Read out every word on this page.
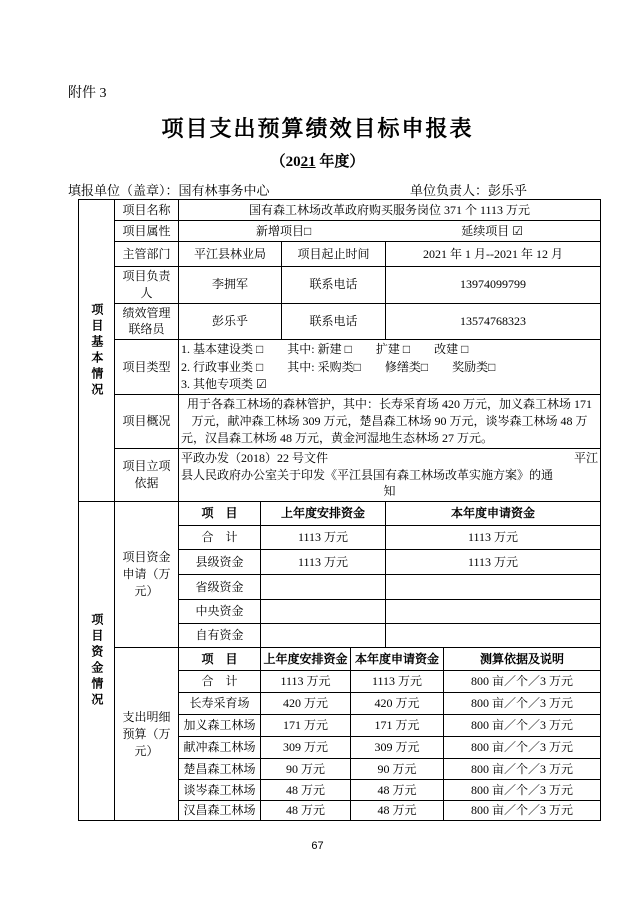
附件 3
项目支出预算绩效目标申报表
（2021 年度）
填报单位（盖章）：国有林事务中心	单位负责人：彭乐乎
项目基本情况	项目名称	国有森工林场改革政府购买服务岗位 371 个 1113 万元					
	项目属性	新增项目□ 延续项目 ☑					

	主管部门	平江县林业局		项目起止时间		2021 年 1 月--2021 年 12 月	
	项目负责人	李拥军		联系电话		13974099799	
	绩效管理联络员	彭乐乎		联系电话		13574768323	
	项目类型	1. 基本建设类 □　　其中: 新建 □　　扩建 □　　改建 □
2. 行政事业类 □　　其中: 采购类□　　修缮类□　　奖励类□
3. 其他专项类 ☑					

	项目概况	用于各森工林场的森林管护，其中：长寿采育场 420 万元，加义森工林场 171 万元，献冲森工林场 309 万元，楚昌森工林场 90 万元，谈岑森工林场 48 万元，汉昌森工林场 48 万元，黄金河湿地生态林场 27 万元。					
	项目立项依据	平政办发（2018）22 号文件 平江
县人民政府办公室关于印发《平江县国有森工林场改革实施方案》的通
知					

项目资金情况	项目资金申请（万元）	项　目	上年度安排资金			本年度申请资金	
		合　计	1113 万元			1113 万元	
		县级资金	1113 万元			1113 万元	
		省级资金					
		中央资金					
		自有资金					
	支出明细预算（万元）	项　目	上年度安排资金		本年度申请资金		测算依据及说明
		合　计	1113 万元		1113 万元		800 亩／个／3 万元
		长寿采育场	420 万元		420 万元		800 亩／个／3 万元
		加义森工林场	171 万元		171 万元		800 亩／个／3 万元
		献冲森工林场	309 万元		309 万元		800 亩／个／3 万元
		楚昌森工林场	90 万元		90 万元		800 亩／个／3 万元
		谈岑森工林场	48 万元		48 万元		800 亩／个／3 万元
		汉昌森工林场	48 万元		48 万元		800 亩／个／3 万元
67
